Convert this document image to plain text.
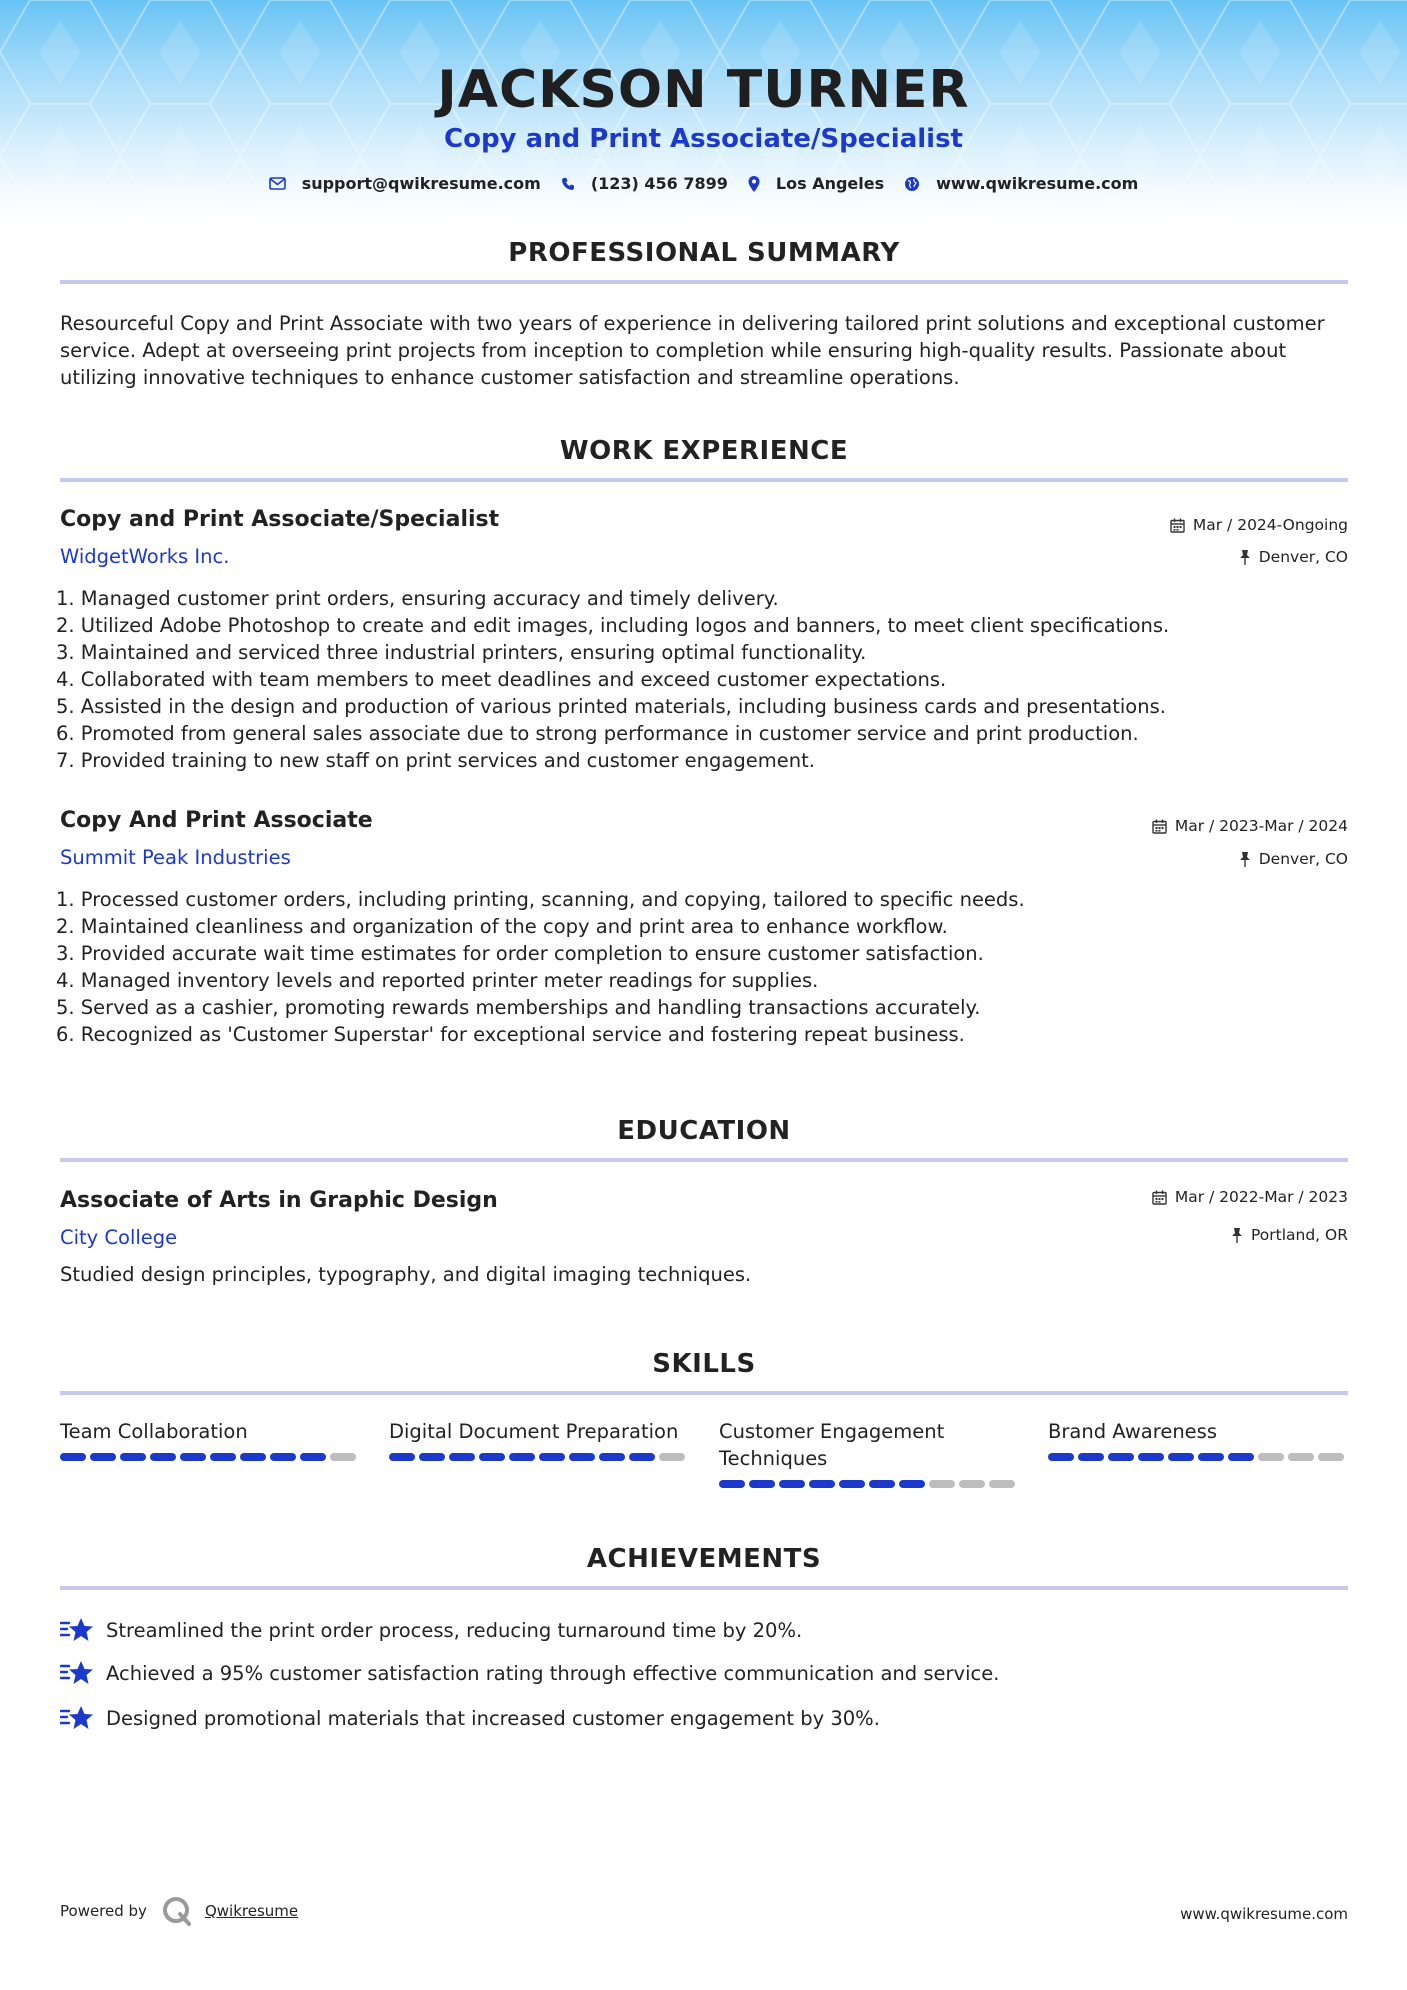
JACKSON TURNER
Copy and Print Associate/Specialist
support@qwikresume.com	(123) 456 7899	Los Angeles	www.qwikresume.com
PROFESSIONAL SUMMARY
Resourceful Copy and Print Associate with two years of experience in delivering tailored print solutions and exceptional customer
service. Adept at overseeing print projects from inception to completion while ensuring high-quality results. Passionate about
utilizing innovative techniques to enhance customer satisfaction and streamline operations.
WORK EXPERIENCE
Copy and Print Associate/Specialist
WidgetWorks Inc.
Mar / 2024-Ongoing
Denver, CO
1. Managed customer print orders, ensuring accuracy and timely delivery.
2. Utilized Adobe Photoshop to create and edit images, including logos and banners, to meet client specifications.
3. Maintained and serviced three industrial printers, ensuring optimal functionality.
4. Collaborated with team members to meet deadlines and exceed customer expectations.
5. Assisted in the design and production of various printed materials, including business cards and presentations.
6. Promoted from general sales associate due to strong performance in customer service and print production.
7. Provided training to new staff on print services and customer engagement.
Copy And Print Associate
Summit Peak Industries
Mar / 2023-Mar / 2024
Denver, CO
1. Processed customer orders, including printing, scanning, and copying, tailored to specific needs.
2. Maintained cleanliness and organization of the copy and print area to enhance workflow.
3. Provided accurate wait time estimates for order completion to ensure customer satisfaction.
4. Managed inventory levels and reported printer meter readings for supplies.
5. Served as a cashier, promoting rewards memberships and handling transactions accurately.
6. Recognized as 'Customer Superstar' for exceptional service and fostering repeat business.
EDUCATION
Associate of Arts in Graphic Design
City College
Mar / 2022-Mar / 2023
Portland, OR
Studied design principles, typography, and digital imaging techniques.
SKILLS
Team Collaboration	Digital Document Preparation	Customer Engagement
Techniques
Brand Awareness
ACHIEVEMENTS
Streamlined the print order process, reducing turnaround time by 20%.
Achieved a 95% customer satisfaction rating through effective communication and service.
Designed promotional materials that increased customer engagement by 30%.
Powered by	Qwikresume	www.qwikresume.com
